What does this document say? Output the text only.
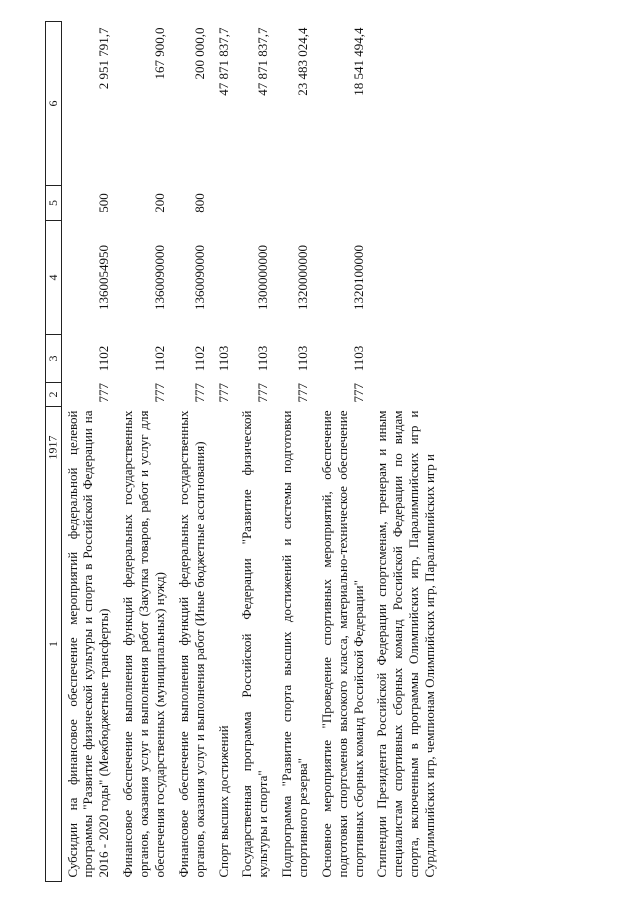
1917
1	2	3	4	5	6
Субсидии на финансовое обеспечение мероприятий федеральной целевой программы "Развитие физической культуры и спорта в Российской Федерации на 2016 - 2020 годы" (Межбюджетные трансферты)	777	1102	1360054950	500	2 951 791,7
Финансовое обеспечение выполнения функций федеральных государственных органов, оказания услуг и выполнения работ (Закупка товаров, работ и услуг для обеспечения государственных (муниципальных) нужд)	777	1102	1360090000	200	167 900,0
Финансовое обеспечение выполнения функций федеральных государственных органов, оказания услуг и выполнения работ (Иные бюджетные ассигнования)	777	1102	1360090000	800	200 000,0
Спорт высших достижений	777	1103			47 871 837,7
Государственная программа Российской Федерации "Развитие физической культуры и спорта"	777	1103	1300000000		47 871 837,7
Подпрограмма "Развитие спорта высших достижений и системы подготовки спортивного резерва"	777	1103	1320000000		23 483 024,4
Основное мероприятие "Проведение спортивных мероприятий, обеспечение подготовки спортсменов высокого класса, материально-техническое обеспечение спортивных сборных команд Российской Федерации"	777	1103	1320100000		18 541 494,4
Стипендии Президента Российской Федерации спортсменам, тренерам и иным специалистам спортивных сборных команд Российской Федерации по видам спорта, включенным в программы Олимпийских игр, Паралимпийских игр и Сурдлимпийских игр, чемпионам Олимпийских игр, Паралимпийских игр и					
